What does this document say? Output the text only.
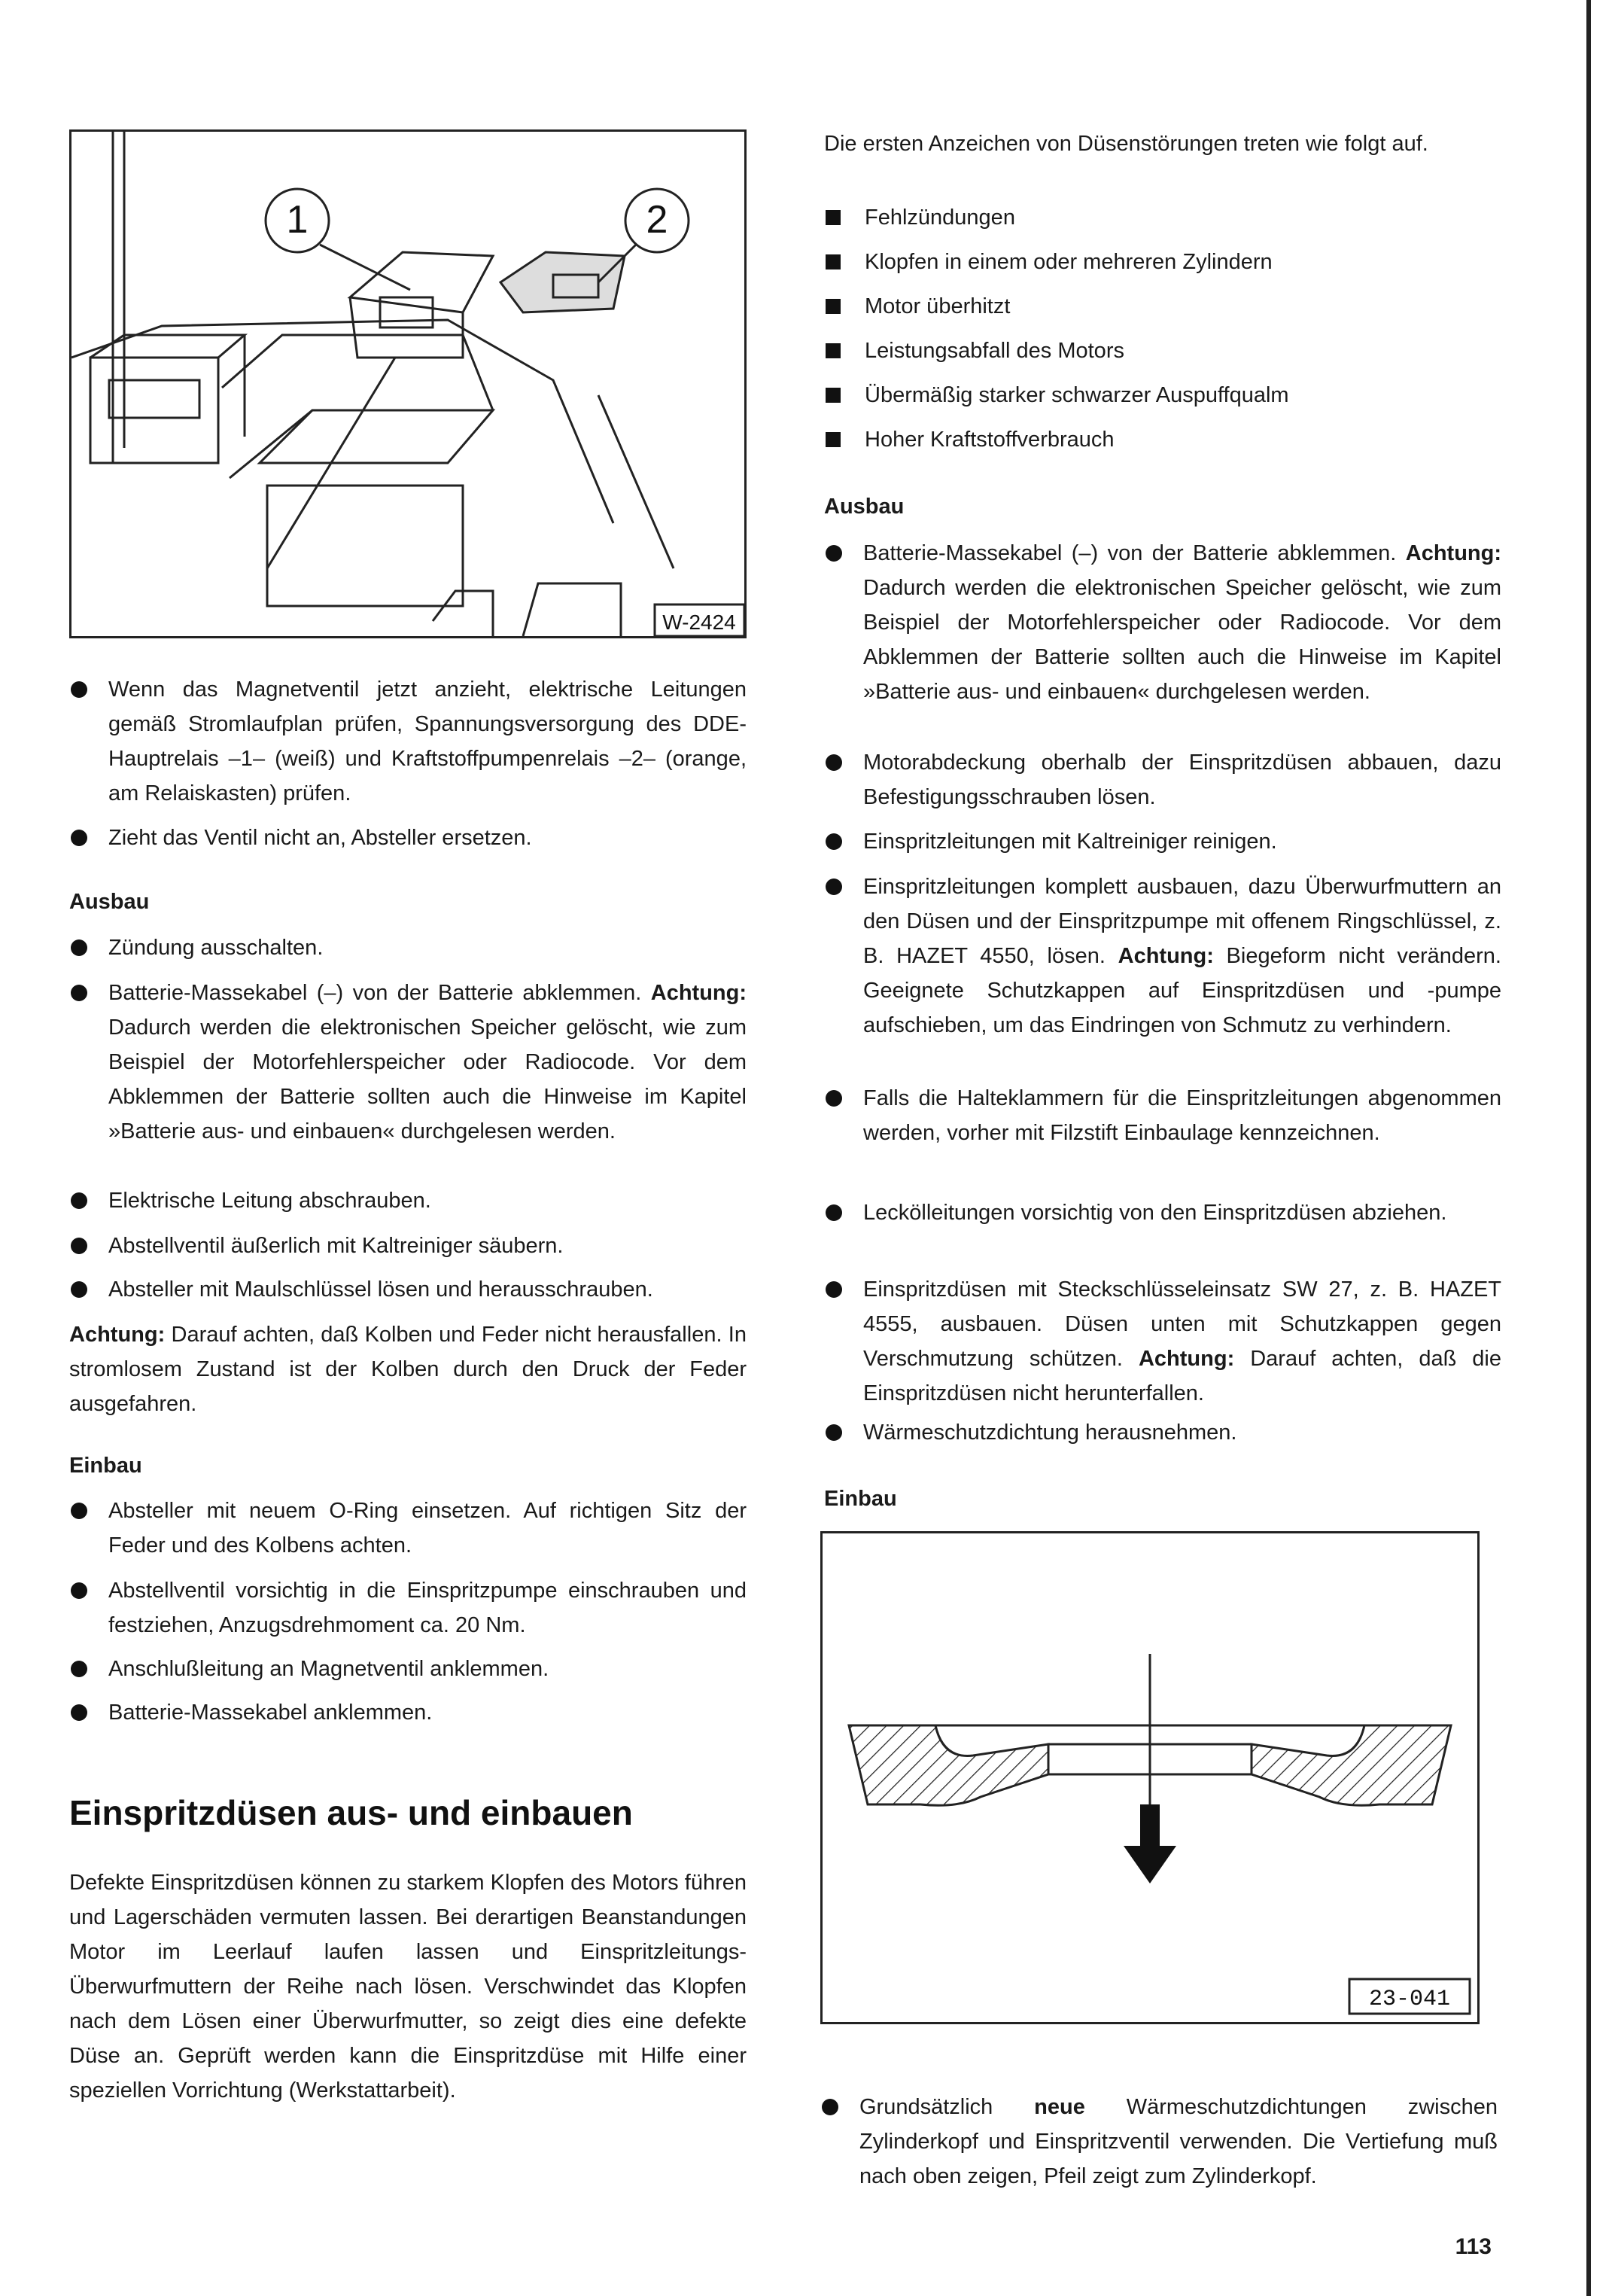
1	2
W-2424
Wenn das Magnetventil jetzt anzieht, elektrische Leitungen gemäß Stromlaufplan prüfen, Spannungsversorgung des DDE-Hauptrelais –1– (weiß) und Kraftstoffpumpenrelais –2– (orange, am Relaiskasten) prüfen.
Zieht das Ventil nicht an, Absteller ersetzen.
Ausbau
Zündung ausschalten.
Batterie-Massekabel (–) von der Batterie abklemmen. Achtung: Dadurch werden die elektronischen Speicher gelöscht, wie zum Beispiel der Motorfehlerspeicher oder Radiocode. Vor dem Abklemmen der Batterie sollten auch die Hinweise im Kapitel »Batterie aus- und einbauen« durchgelesen werden.
Elektrische Leitung abschrauben.
Abstellventil äußerlich mit Kaltreiniger säubern.
Absteller mit Maulschlüssel lösen und herausschrauben.
Achtung: Darauf achten, daß Kolben und Feder nicht herausfallen. In stromlosem Zustand ist der Kolben durch den Druck der Feder ausgefahren.
Einbau
Absteller mit neuem O-Ring einsetzen. Auf richtigen Sitz der Feder und des Kolbens achten.
Abstellventil vorsichtig in die Einspritzpumpe einschrauben und festziehen, Anzugsdrehmoment ca. 20 Nm.
Anschlußleitung an Magnetventil anklemmen.
Batterie-Massekabel anklemmen.
Einspritzdüsen aus- und einbauen
Defekte Einspritzdüsen können zu starkem Klopfen des Motors führen und Lagerschäden vermuten lassen. Bei derartigen Beanstandungen Motor im Leerlauf laufen lassen und Einspritzleitungs-Überwurfmuttern der Reihe nach lösen. Verschwindet das Klopfen nach dem Lösen einer Überwurfmutter, so zeigt dies eine defekte Düse an. Geprüft werden kann die Einspritzdüse mit Hilfe einer speziellen Vorrichtung (Werkstattarbeit).
Die ersten Anzeichen von Düsenstörungen treten wie folgt auf.
Fehlzündungen
Klopfen in einem oder mehreren Zylindern
Motor überhitzt
Leistungsabfall des Motors
Übermäßig starker schwarzer Auspuffqualm
Hoher Kraftstoffverbrauch
Ausbau
Batterie-Massekabel (–) von der Batterie abklemmen. Achtung: Dadurch werden die elektronischen Speicher gelöscht, wie zum Beispiel der Motorfehlerspeicher oder Radiocode. Vor dem Abklemmen der Batterie sollten auch die Hinweise im Kapitel »Batterie aus- und einbauen« durchgelesen werden.
Motorabdeckung oberhalb der Einspritzdüsen abbauen, dazu Befestigungsschrauben lösen.
Einspritzleitungen mit Kaltreiniger reinigen.
Einspritzleitungen komplett ausbauen, dazu Überwurfmuttern an den Düsen und der Einspritzpumpe mit offenem Ringschlüssel, z. B. HAZET 4550, lösen. Achtung: Biegeform nicht verändern. Geeignete Schutzkappen auf Einspritzdüsen und -pumpe aufschieben, um das Eindringen von Schmutz zu verhindern.
Falls die Halteklammern für die Einspritzleitungen abgenommen werden, vorher mit Filzstift Einbaulage kennzeichnen.
Leckölleitungen vorsichtig von den Einspritzdüsen abziehen.
Einspritzdüsen mit Steckschlüsseleinsatz SW 27, z. B. HAZET 4555, ausbauen. Düsen unten mit Schutzkappen gegen Verschmutzung schützen. Achtung: Darauf achten, daß die Einspritzdüsen nicht herunterfallen.
Wärmeschutzdichtung herausnehmen.
Einbau
23-041
Grundsätzlich neue Wärmeschutzdichtungen zwischen Zylinderkopf und Einspritzventil verwenden. Die Vertiefung muß nach oben zeigen, Pfeil zeigt zum Zylinderkopf.
113
